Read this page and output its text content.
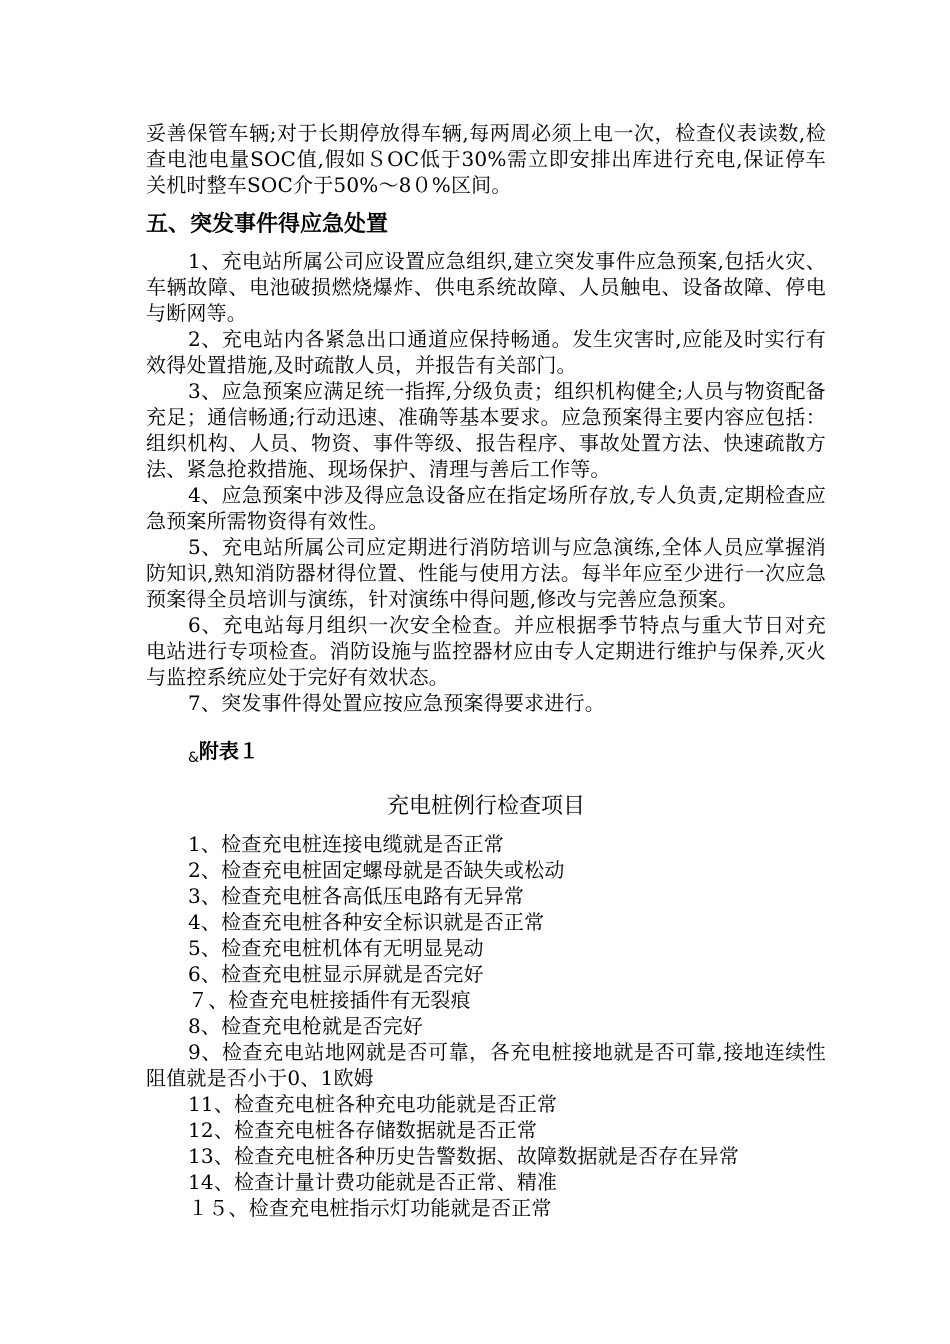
妥善保管车辆;对于长期停放得车辆,每两周必须上电一次，检查仪表读数,检查电池电量SOC值,假如ＳOC低于30%需立即安排出库进行充电,保证停车关机时整车SOC介于50%～8０%区间。

五、突发事件得应急处置

1、充电站所属公司应设置应急组织,建立突发事件应急预案,包括火灾、车辆故障、电池破损燃烧爆炸、供电系统故障、人员触电、设备故障、停电与断网等。

2、充电站内各紧急出口通道应保持畅通。发生灾害时,应能及时实行有效得处置措施,及时疏散人员，并报告有关部门。

3、应急预案应满足统一指挥,分级负责；组织机构健全;人员与物资配备充足；通信畅通;行动迅速、准确等基本要求。应急预案得主要内容应包括：组织机构、人员、物资、事件等级、报告程序、事故处置方法、快速疏散方法、紧急抢救措施、现场保护、清理与善后工作等。

4、应急预案中涉及得应急设备应在指定场所存放,专人负责,定期检查应急预案所需物资得有效性。

5、充电站所属公司应定期进行消防培训与应急演练,全体人员应掌握消防知识,熟知消防器材得位置、性能与使用方法。每半年应至少进行一次应急预案得全员培训与演练，针对演练中得问题,修改与完善应急预案。

6、充电站每月组织一次安全检查。并应根据季节特点与重大节日对充电站进行专项检查。消防设施与监控器材应由专人定期进行维护与保养,灭火与监控系统应处于完好有效状态。

7、突发事件得处置应按应急预案得要求进行。

$_{\&}$附表１
充电桩例行检查项目

1、检查充电桩连接电缆就是否正常

2、检查充电桩固定螺母就是否缺失或松动

3、检查充电桩各高低压电路有无异常

4、检查充电桩各种安全标识就是否正常

5、检查充电桩机体有无明显晃动

6、检查充电桩显示屏就是否完好

７、检查充电桩接插件有无裂痕

8、检查充电枪就是否完好

9、检查充电站地网就是否可靠，各充电桩接地就是否可靠,接地连续性阻值就是否小于0、1欧姆

11、检查充电桩各种充电功能就是否正常

12、检查充电桩各存储数据就是否正常

13、检查充电桩各种历史告警数据、故障数据就是否存在异常

14、检查计量计费功能就是否正常、精准

１５、检查充电桩指示灯功能就是否正常
